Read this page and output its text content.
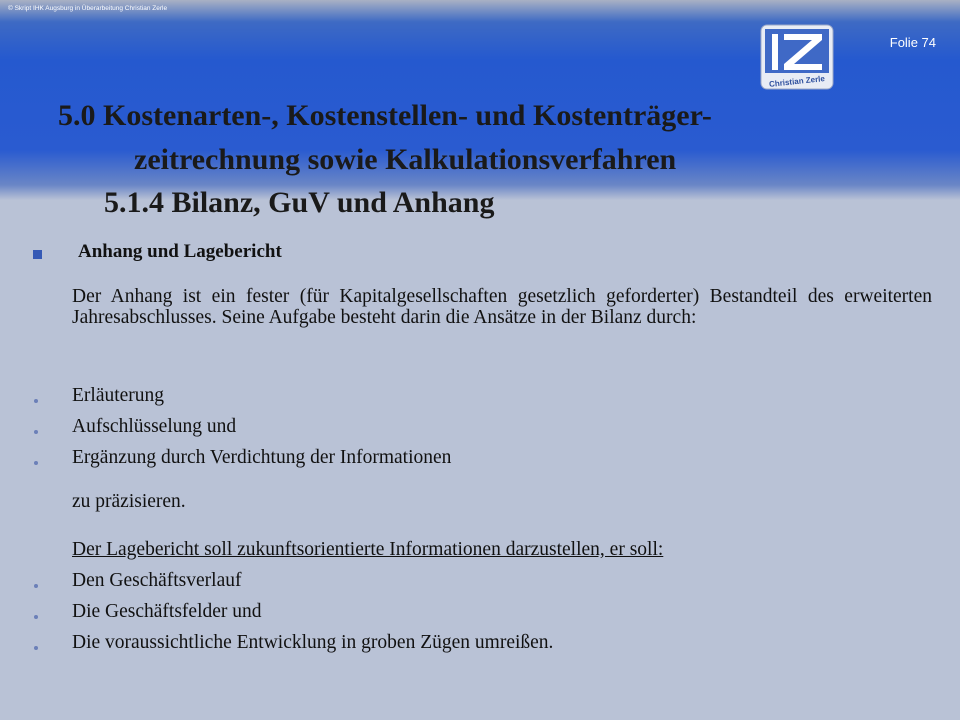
© Skript IHK Augsburg in Überarbeitung Christian Zerle
Folie 74
Christian Zerle
5.0 Kostenarten-, Kostenstellen- und Kostenträger-
zeitrechnung sowie Kalkulationsverfahren
5.1.4 Bilanz, GuV und Anhang
Anhang und Lagebericht
Der Anhang ist ein fester (für Kapitalgesellschaften gesetzlich geforderter) Bestandteil des erweiterten Jahresabschlusses. Seine Aufgabe besteht darin die Ansätze in der Bilanz durch:
Erläuterung
Aufschlüsselung und
Ergänzung durch Verdichtung der Informationen
zu präzisieren.
Der Lagebericht soll zukunftsorientierte Informationen darzustellen, er soll:
Den Geschäftsverlauf
Die Geschäftsfelder und
Die voraussichtliche Entwicklung in groben Zügen umreißen.
